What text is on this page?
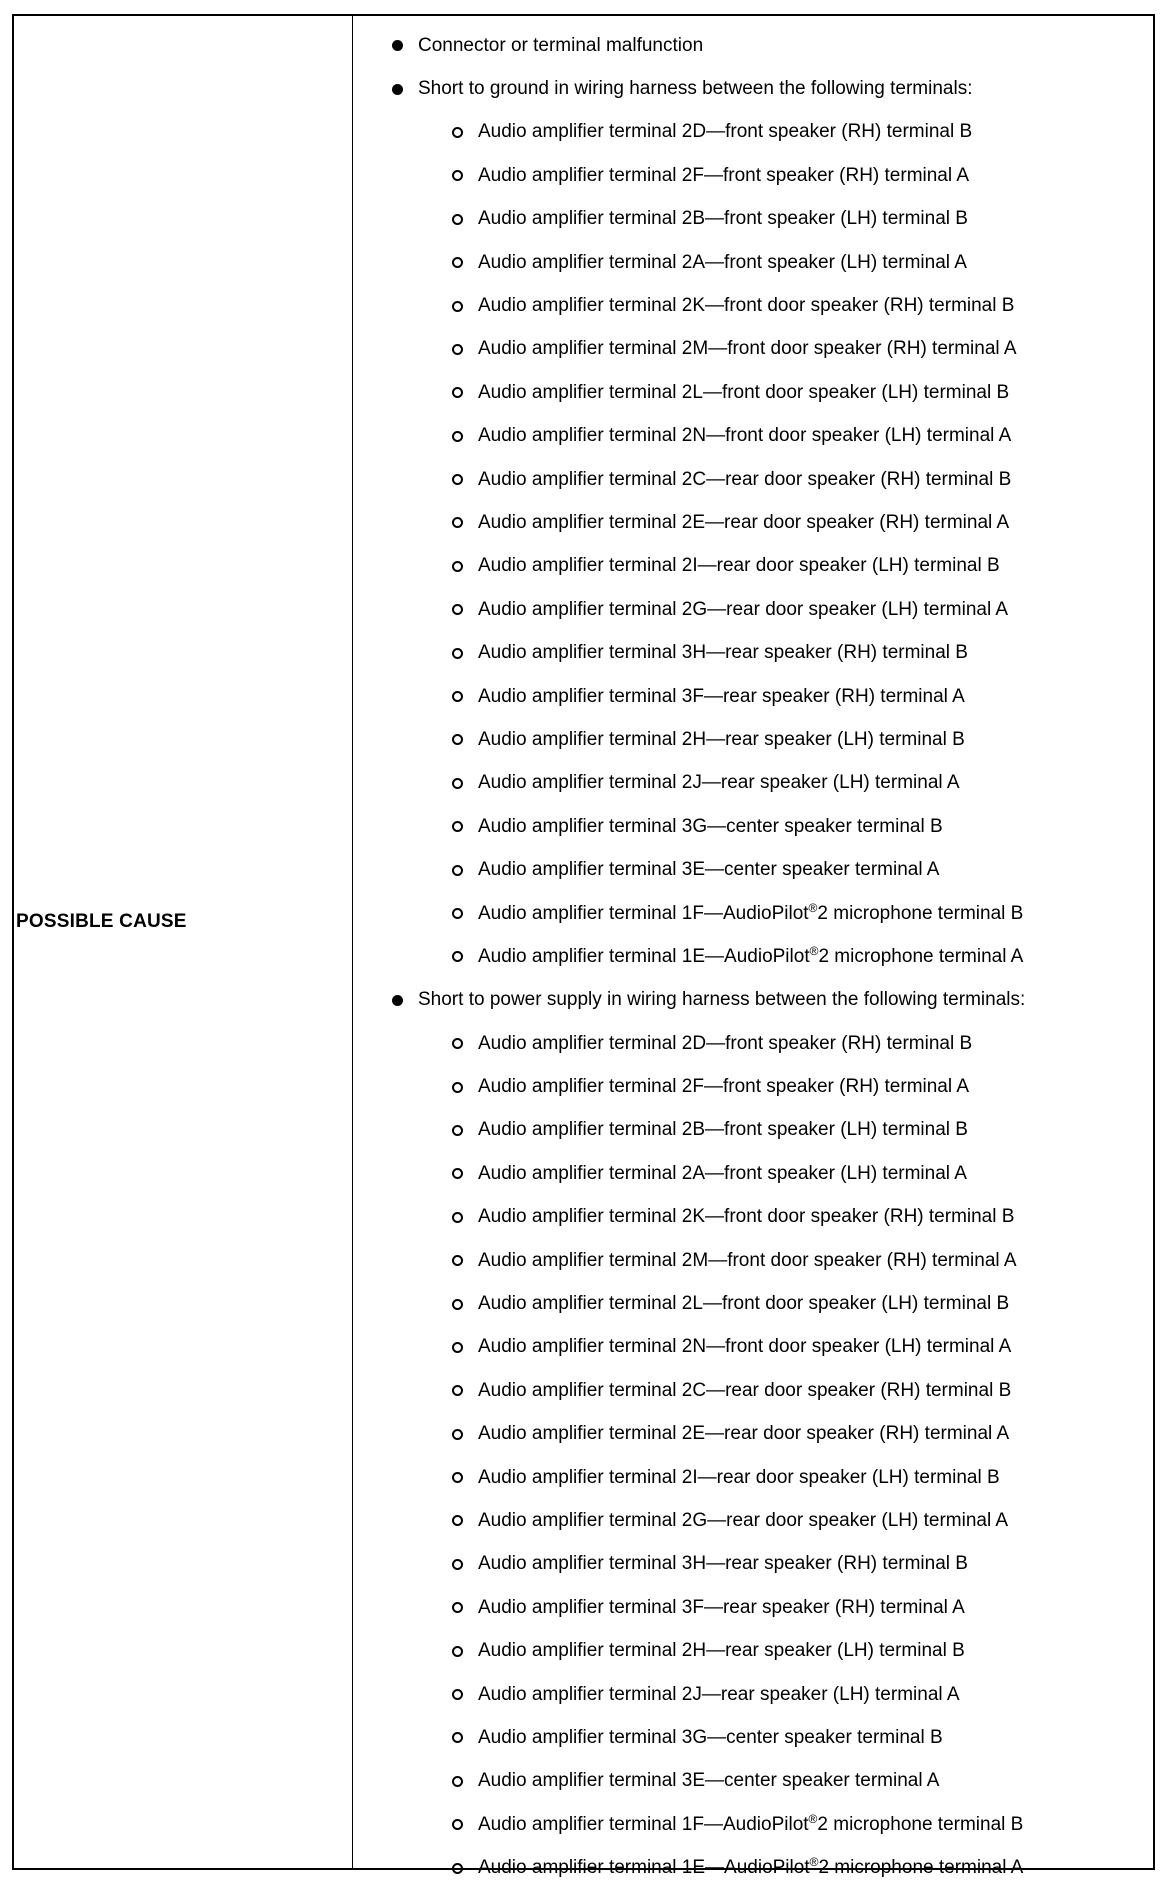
POSSIBLE CAUSE
Connector or terminal malfunction
Short to ground in wiring harness between the following terminals:
Audio amplifier terminal 2D—front speaker (RH) terminal B
Audio amplifier terminal 2F—front speaker (RH) terminal A
Audio amplifier terminal 2B—front speaker (LH) terminal B
Audio amplifier terminal 2A—front speaker (LH) terminal A
Audio amplifier terminal 2K—front door speaker (RH) terminal B
Audio amplifier terminal 2M—front door speaker (RH) terminal A
Audio amplifier terminal 2L—front door speaker (LH) terminal B
Audio amplifier terminal 2N—front door speaker (LH) terminal A
Audio amplifier terminal 2C—rear door speaker (RH) terminal B
Audio amplifier terminal 2E—rear door speaker (RH) terminal A
Audio amplifier terminal 2I—rear door speaker (LH) terminal B
Audio amplifier terminal 2G—rear door speaker (LH) terminal A
Audio amplifier terminal 3H—rear speaker (RH) terminal B
Audio amplifier terminal 3F—rear speaker (RH) terminal A
Audio amplifier terminal 2H—rear speaker (LH) terminal B
Audio amplifier terminal 2J—rear speaker (LH) terminal A
Audio amplifier terminal 3G—center speaker terminal B
Audio amplifier terminal 3E—center speaker terminal A
Audio amplifier terminal 1F—AudioPilot®2 microphone terminal B
Audio amplifier terminal 1E—AudioPilot®2 microphone terminal A
Short to power supply in wiring harness between the following terminals:
Audio amplifier terminal 2D—front speaker (RH) terminal B
Audio amplifier terminal 2F—front speaker (RH) terminal A
Audio amplifier terminal 2B—front speaker (LH) terminal B
Audio amplifier terminal 2A—front speaker (LH) terminal A
Audio amplifier terminal 2K—front door speaker (RH) terminal B
Audio amplifier terminal 2M—front door speaker (RH) terminal A
Audio amplifier terminal 2L—front door speaker (LH) terminal B
Audio amplifier terminal 2N—front door speaker (LH) terminal A
Audio amplifier terminal 2C—rear door speaker (RH) terminal B
Audio amplifier terminal 2E—rear door speaker (RH) terminal A
Audio amplifier terminal 2I—rear door speaker (LH) terminal B
Audio amplifier terminal 2G—rear door speaker (LH) terminal A
Audio amplifier terminal 3H—rear speaker (RH) terminal B
Audio amplifier terminal 3F—rear speaker (RH) terminal A
Audio amplifier terminal 2H—rear speaker (LH) terminal B
Audio amplifier terminal 2J—rear speaker (LH) terminal A
Audio amplifier terminal 3G—center speaker terminal B
Audio amplifier terminal 3E—center speaker terminal A
Audio amplifier terminal 1F—AudioPilot®2 microphone terminal B
Audio amplifier terminal 1E—AudioPilot®2 microphone terminal A
